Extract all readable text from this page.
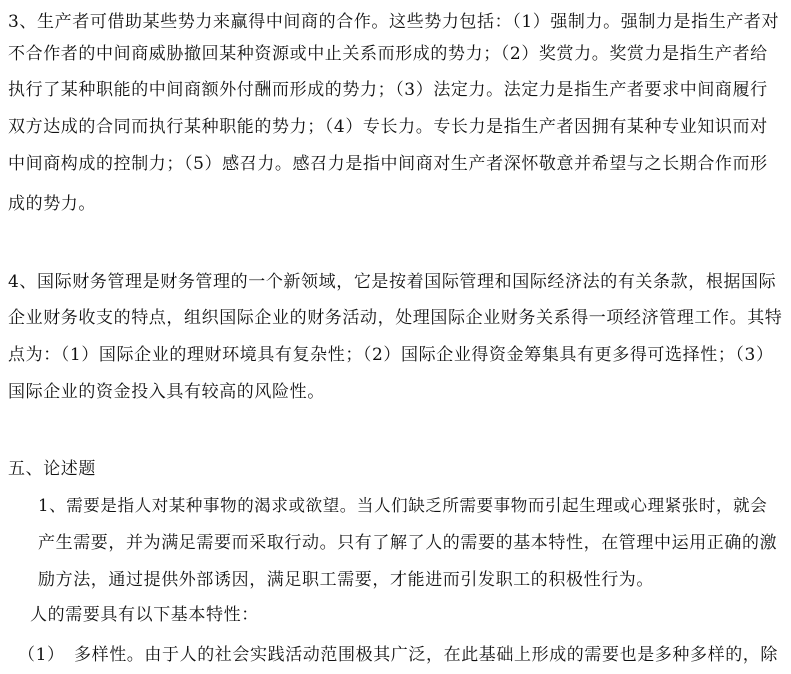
3、生产者可借助某些势力来赢得中间商的合作。这些势力包括：（1）强制力。强制力是指生产者对
不合作者的中间商威胁撤回某种资源或中止关系而形成的势力；（2）奖赏力。奖赏力是指生产者给
执行了某种职能的中间商额外付酬而形成的势力；（3）法定力。法定力是指生产者要求中间商履行
双方达成的合同而执行某种职能的势力；（4）专长力。专长力是指生产者因拥有某种专业知识而对
中间商构成的控制力；（5）感召力。感召力是指中间商对生产者深怀敬意并希望与之长期合作而形
成的势力。
4、国际财务管理是财务管理的一个新领域，它是按着国际管理和国际经济法的有关条款，根据国际
企业财务收支的特点，组织国际企业的财务活动，处理国际企业财务关系得一项经济管理工作。其特
点为：（1）国际企业的理财环境具有复杂性；（2）国际企业得资金筹集具有更多得可选择性；（3）
国际企业的资金投入具有较高的风险性。
五、论述题
1、需要是指人对某种事物的渴求或欲望。当人们缺乏所需要事物而引起生理或心理紧张时，就会
产生需要，并为满足需要而采取行动。只有了解了人的需要的基本特性，在管理中运用正确的激
励方法，通过提供外部诱因，满足职工需要，才能进而引发职工的积极性行为。
人的需要具有以下基本特性：
（1） 多样性。由于人的社会实践活动范围极其广泛，在此基础上形成的需要也是多种多样的，除
